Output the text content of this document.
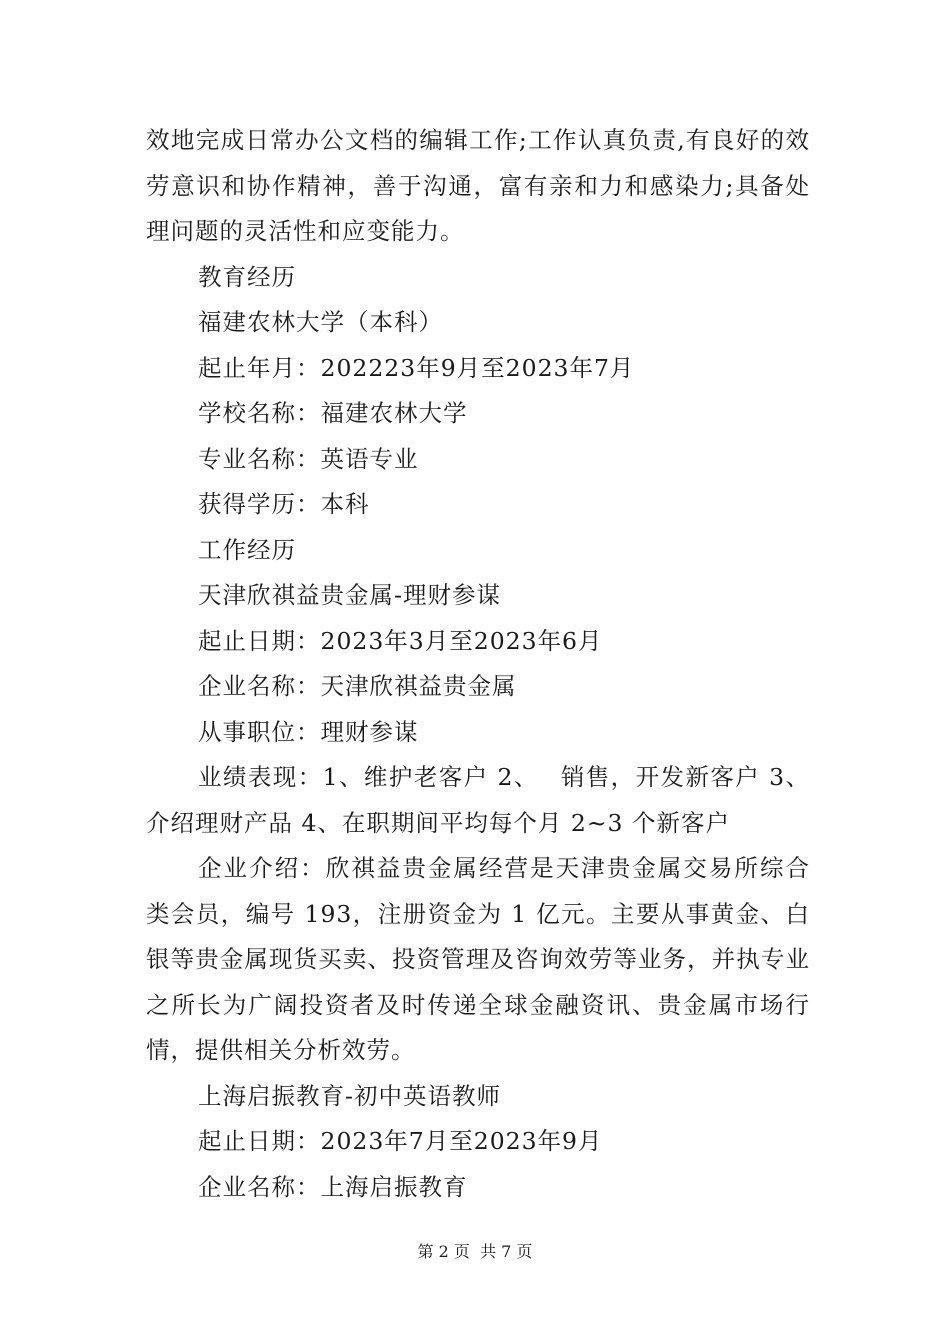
效地完成日常办公文档的编辑工作;工作认真负责,有良好的效劳意识和协作精神，善于沟通，富有亲和力和感染力;具备处理问题的灵活性和应变能力。

教育经历

福建农林大学（本科）

起止年月：202223年9月至2023年7月

学校名称：福建农林大学

专业名称：英语专业

获得学历：本科

工作经历

天津欣祺益贵金属-理财参谋

起止日期：2023年3月至2023年6月

企业名称：天津欣祺益贵金属

从事职位：理财参谋

业绩表现：1、维护老客户 2、　 销售，开发新客户 3、介绍理财产品 4、在职期间平均每个月 2~3 个新客户

企业介绍：欣祺益贵金属经营是天津贵金属交易所综合类会员，编号 193，注册资金为 1 亿元。主要从事黄金、白银等贵金属现货买卖、投资管理及咨询效劳等业务，并执专业之所长为广阔投资者及时传递全球金融资讯、贵金属市场行情，提供相关分析效劳。

上海启振教育-初中英语教师

起止日期：2023年7月至2023年9月

企业名称：上海启振教育

第 2 页  共 7 页
